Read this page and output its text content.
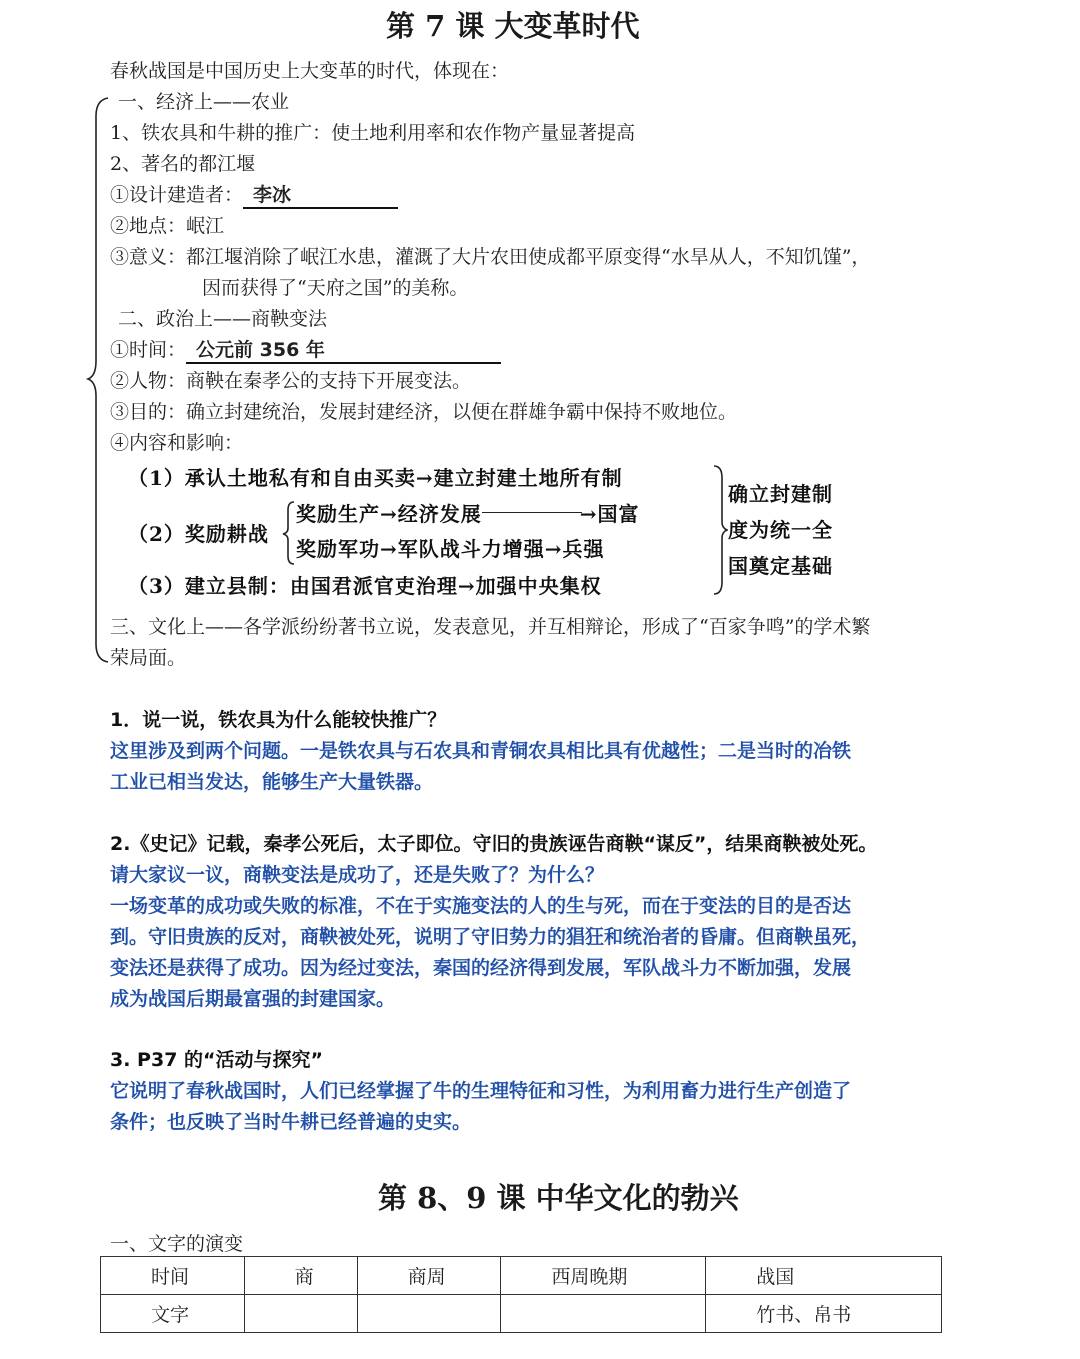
第 7 课 大变革时代
春秋战国是中国历史上大变革的时代，体现在：
一、经济上——农业
1、铁农具和牛耕的推广：使土地利用率和农作物产量显著提高
2、著名的都江堰
①设计建造者： 李冰
②地点：岷江
③意义：都江堰消除了岷江水患，灌溉了大片农田使成都平原变得“水旱从人，不知饥馑”，
因而获得了“天府之国”的美称。
二、政治上——商鞅变法
①时间： 公元前 356 年
②人物：商鞅在秦孝公的支持下开展变法。
③目的：确立封建统治，发展封建经济，以便在群雄争霸中保持不败地位。
④内容和影响：
（1）承认土地私有和自由买卖→建立封建土地所有制
（2）奖励耕战
奖励生产→经济发展	→国富
奖励军功→军队战斗力增强→兵强
（3）建立县制：由国君派官吏治理→加强中央集权
确立封建制
度为统一全
国奠定基础
三、文化上——各学派纷纷著书立说，发表意见，并互相辩论，形成了“百家争鸣”的学术繁
荣局面。
1．说一说，铁农具为什么能较快推广？
这里涉及到两个问题。一是铁农具与石农具和青铜农具相比具有优越性；二是当时的冶铁
工业已相当发达，能够生产大量铁器。
2.《史记》记载，秦孝公死后，太子即位。守旧的贵族诬告商鞅“谋反”，结果商鞅被处死。
请大家议一议，商鞅变法是成功了，还是失败了？为什么？
一场变革的成功或失败的标准，不在于实施变法的人的生与死，而在于变法的目的是否达
到。守旧贵族的反对，商鞅被处死，说明了守旧势力的猖狂和统治者的昏庸。但商鞅虽死，
变法还是获得了成功。因为经过变法，秦国的经济得到发展，军队战斗力不断加强，发展
成为战国后期最富强的封建国家。
3. P37 的“活动与探究”
它说明了春秋战国时，人们已经掌握了牛的生理特征和习性，为利用畜力进行生产创造了
条件；也反映了当时牛耕已经普遍的史实。
第 8、9 课 中华文化的勃兴
一、文字的演变
时间	商	商周	西周晚期	战国
文字				竹书、帛书
